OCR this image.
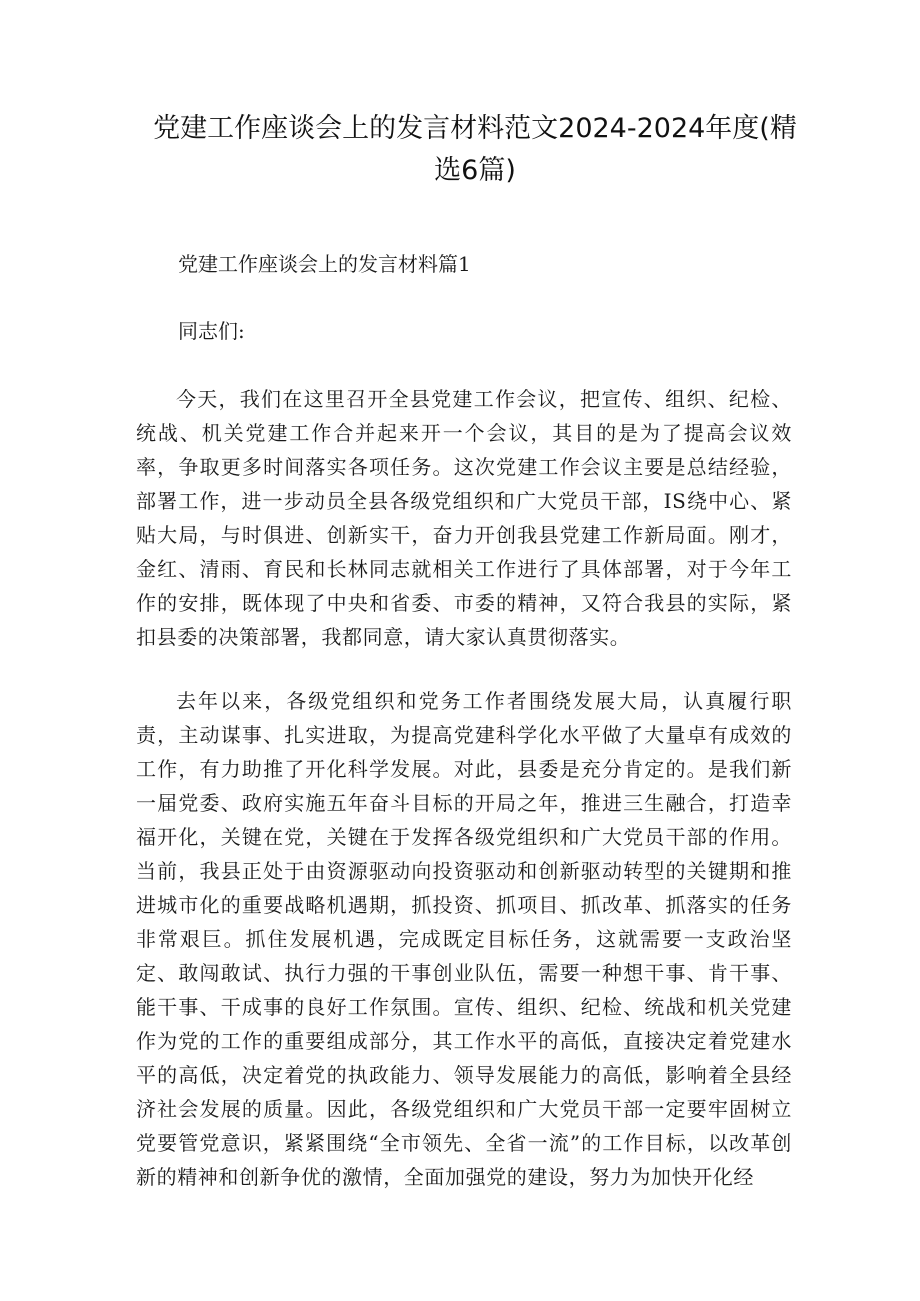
党建工作座谈会上的发言材料范文2024-2024年度(精选6篇)

党建工作座谈会上的发言材料篇1

同志们:

今天，我们在这里召开全县党建工作会议，把宣传、组织、纪检、统战、机关党建工作合并起来开一个会议，其目的是为了提高会议效率，争取更多时间落实各项任务。这次党建工作会议主要是总结经验，部署工作，进一步动员全县各级党组织和广大党员干部，IS绕中心、紧贴大局，与时俱进、创新实干，奋力开创我县党建工作新局面。刚才，金红、清雨、育民和长林同志就相关工作进行了具体部署，对于今年工作的安排，既体现了中央和省委、市委的精神，又符合我县的实际，紧扣县委的决策部署，我都同意，请大家认真贯彻落实。

去年以来，各级党组织和党务工作者围绕发展大局，认真履行职责，主动谋事、扎实进取，为提高党建科学化水平做了大量卓有成效的工作，有力助推了开化科学发展。对此，县委是充分肯定的。是我们新一届党委、政府实施五年奋斗目标的开局之年，推进三生融合，打造幸福开化，关键在党，关键在于发挥各级党组织和广大党员干部的作用。当前，我县正处于由资源驱动向投资驱动和创新驱动转型的关键期和推进城市化的重要战略机遇期，抓投资、抓项目、抓改革、抓落实的任务非常艰巨。抓住发展机遇，完成既定目标任务，这就需要一支政治坚定、敢闯敢试、执行力强的干事创业队伍，需要一种想干事、肯干事、能干事、干成事的良好工作氛围。宣传、组织、纪检、统战和机关党建作为党的工作的重要组成部分，其工作水平的高低，直接决定着党建水平的高低，决定着党的执政能力、领导发展能力的高低，影响着全县经济社会发展的质量。因此，各级党组织和广大党员干部一定要牢固树立党要管党意识，紧紧围绕“全市领先、全省一流”的工作目标，以改革创新的精神和创新争优的激情，全面加强党的建设，努力为加快开化经
